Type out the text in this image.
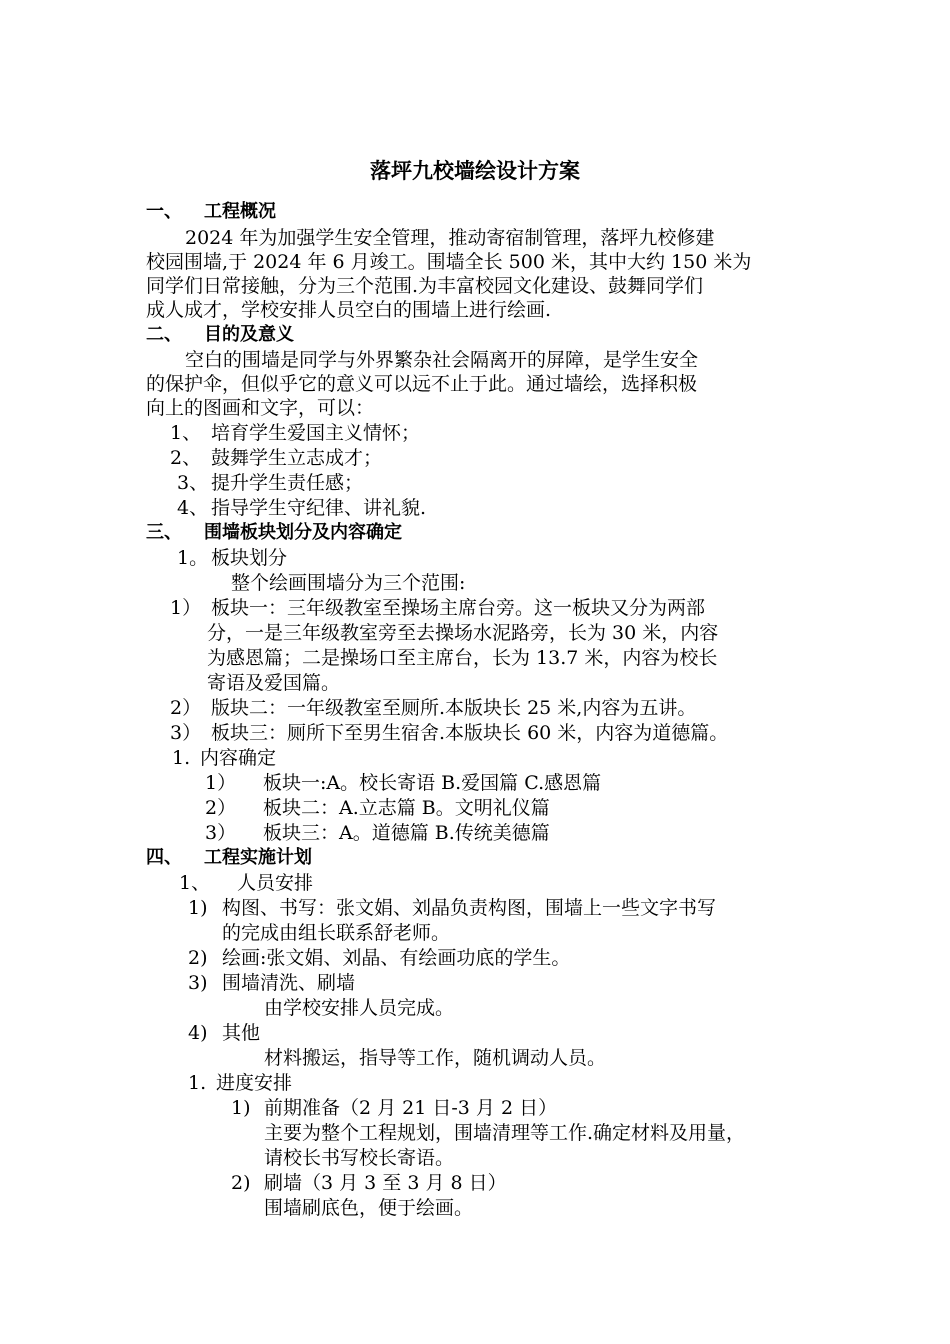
落坪九校墙绘设计方案
一、 工程概况
2024 年为加强学生安全管理，推动寄宿制管理，落坪九校修建
校园围墙,于 2024 年 6 月竣工。围墙全长 500 米，其中大约 150 米为
同学们日常接触，分为三个范围.为丰富校园文化建设、鼓舞同学们
成人成才，学校安排人员空白的围墙上进行绘画.
二、 目的及意义
空白的围墙是同学与外界繁杂社会隔离开的屏障，是学生安全
的保护伞，但似乎它的意义可以远不止于此。通过墙绘，选择积极
向上的图画和文字，可以：
1、 培育学生爱国主义情怀；
2、 鼓舞学生立志成才；
3、 提升学生责任感；
4、 指导学生守纪律、讲礼貌.
三、 围墙板块划分及内容确定
1。 板块划分
整个绘画围墙分为三个范围:
1） 板块一：三年级教室至操场主席台旁。这一板块又分为两部
分，一是三年级教室旁至去操场水泥路旁，长为 30 米，内容
为感恩篇；二是操场口至主席台，长为 13.7 米，内容为校长
寄语及爱国篇。
2） 版块二：一年级教室至厕所.本版块长 25 米,内容为五讲。
3） 板块三：厕所下至男生宿舍.本版块长 60 米，内容为道德篇。
1. 内容确定
1） 板块一:A。校长寄语 B.爱国篇 C.感恩篇
2） 板块二：A.立志篇 B。文明礼仪篇
3） 板块三：A。道德篇 B.传统美德篇
四、 工程实施计划
1、 人员安排
1) 构图、书写：张文娟、刘晶负责构图，围墙上一些文字书写
的完成由组长联系舒老师。
2) 绘画:张文娟、刘晶、有绘画功底的学生。
3) 围墙清洗、刷墙
由学校安排人员完成。
4) 其他
材料搬运，指导等工作，随机调动人员。
1. 进度安排
1) 前期准备（2 月 21 日-3 月 2 日）
主要为整个工程规划，围墙清理等工作.确定材料及用量，
请校长书写校长寄语。
2) 刷墙（3 月 3 至 3 月 8 日）
围墙刷底色，便于绘画。
